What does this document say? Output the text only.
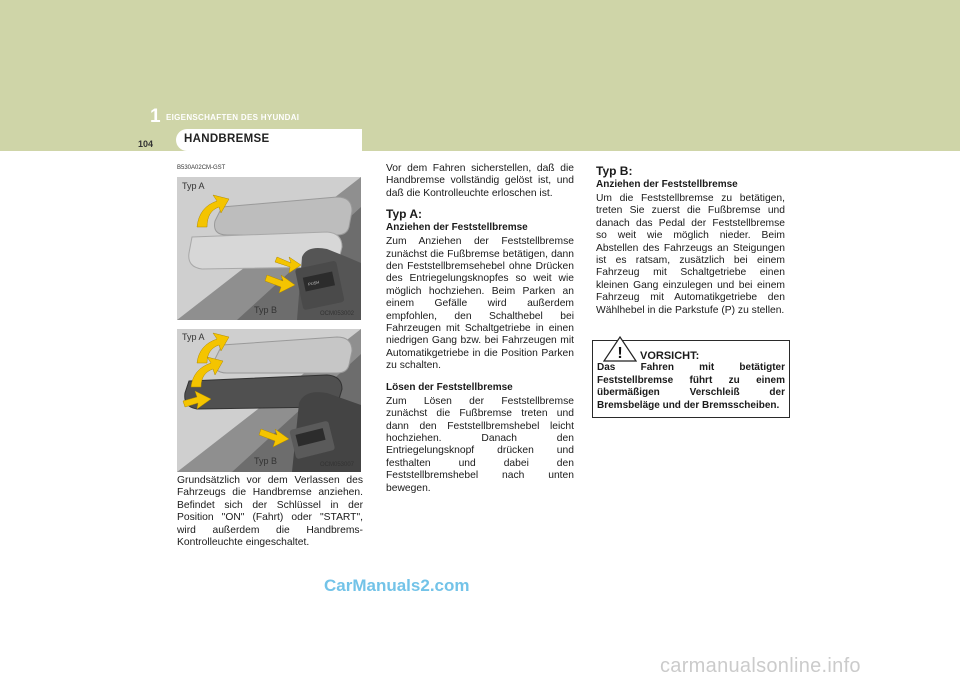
1 EIGENSCHAFTEN DES HYUNDAI
104	HANDBREMSE
B530A02CM-GST
PUSH
Typ A
Typ B	OCM053002
Typ A
Typ B	OCM053007

Grundsätzlich vor dem Verlassen des Fahrzeugs die Handbremse anziehen. Befindet sich der Schlüssel in der Position "ON" (Fahrt) oder "START", wird außerdem die Handbrems-Kontrolleuchte eingeschaltet.

Vor dem Fahren sicherstellen, daß die Handbremse vollständig gelöst ist, und daß die Kontrolleuchte erloschen ist.

Typ A:
Anziehen der Feststellbremse

Zum Anziehen der Feststellbremse zunächst die Fußbremse betätigen, dann den Feststellbremsehebel ohne Drücken des Entriegelungsknopfes so weit wie möglich hochziehen. Beim Parken an einem Gefälle wird außerdem empfohlen, den Schalthebel bei Fahrzeugen mit Schaltgetriebe in einen niedrigen Gang bzw. bei Fahrzeugen mit Automatikgetriebe in die Position Parken zu schalten.

Lösen der Feststellbremse

Zum Lösen der Feststellbremse zunächst die Fußbremse treten und dann den Feststellbremshebel leicht hochziehen. Danach den Entriegelungsknopf drücken und festhalten und dabei den Feststellbremshebel nach unten bewegen.

Typ B:
Anziehen der Feststellbremse

Um die Feststellbremse zu betätigen, treten Sie zuerst die Fußbremse und danach das Pedal der Feststellbremse so weit wie möglich nieder. Beim Abstellen des Fahrzeugs an Steigungen ist es ratsam, zusätzlich bei einem Fahrzeug mit Schaltgetriebe einen kleinen Gang einzulegen und bei einem Fahrzeug mit Automatikgetriebe den Wählhebel in die Parkstufe (P) zu stellen.

! VORSICHT:
Das Fahren mit betätigter Feststellbremse führt zu einem übermäßigen Verschleiß der Bremsbeläge und der Bremsscheiben.
CarManuals2.com
carmanualsonline.info
